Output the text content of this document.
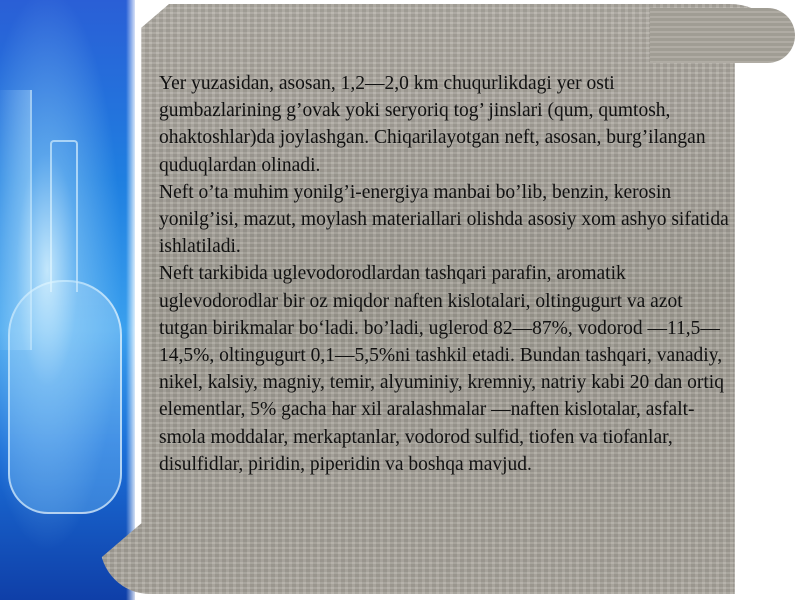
Yer yuzasidan, asosan, 1,2—2,0 km chuqurlikdagi yer osti gumbazlarining g’ovak yoki seryoriq tog’ jinslari (qum, qumtosh, ohaktoshlar)da joylashgan. Chiqarilayotgan neft, asosan, burg’ilangan quduqlardan olinadi.

Neft o’ta muhim yonilg’i-energiya manbai bo’lib, benzin, kerosin yonilg’isi, mazut, moylash materiallari olishda asosiy xom ashyo sifatida ishlatiladi.

Neft tarkibida uglevodorodlardan tashqari parafin, aromatik uglevodorodlar bir oz miqdor naften kislotalari, oltingugurt va azot tutgan birikmalar bo‘ladi. bo’ladi, uglerod 82—87%, vodorod —11,5—14,5%, oltingugurt 0,1—5,5%ni tashkil etadi. Bundan tashqari, vanadiy, nikel, kalsiy, magniy, temir, alyuminiy, kremniy, natriy kabi 20 dan ortiq elementlar, 5% gacha har xil aralashmalar —naften kislotalar, asfalt-smola moddalar, merkaptanlar, vodorod sulfid, tiofen va tiofanlar, disulfidlar, piridin, piperidin va boshqa mavjud.
